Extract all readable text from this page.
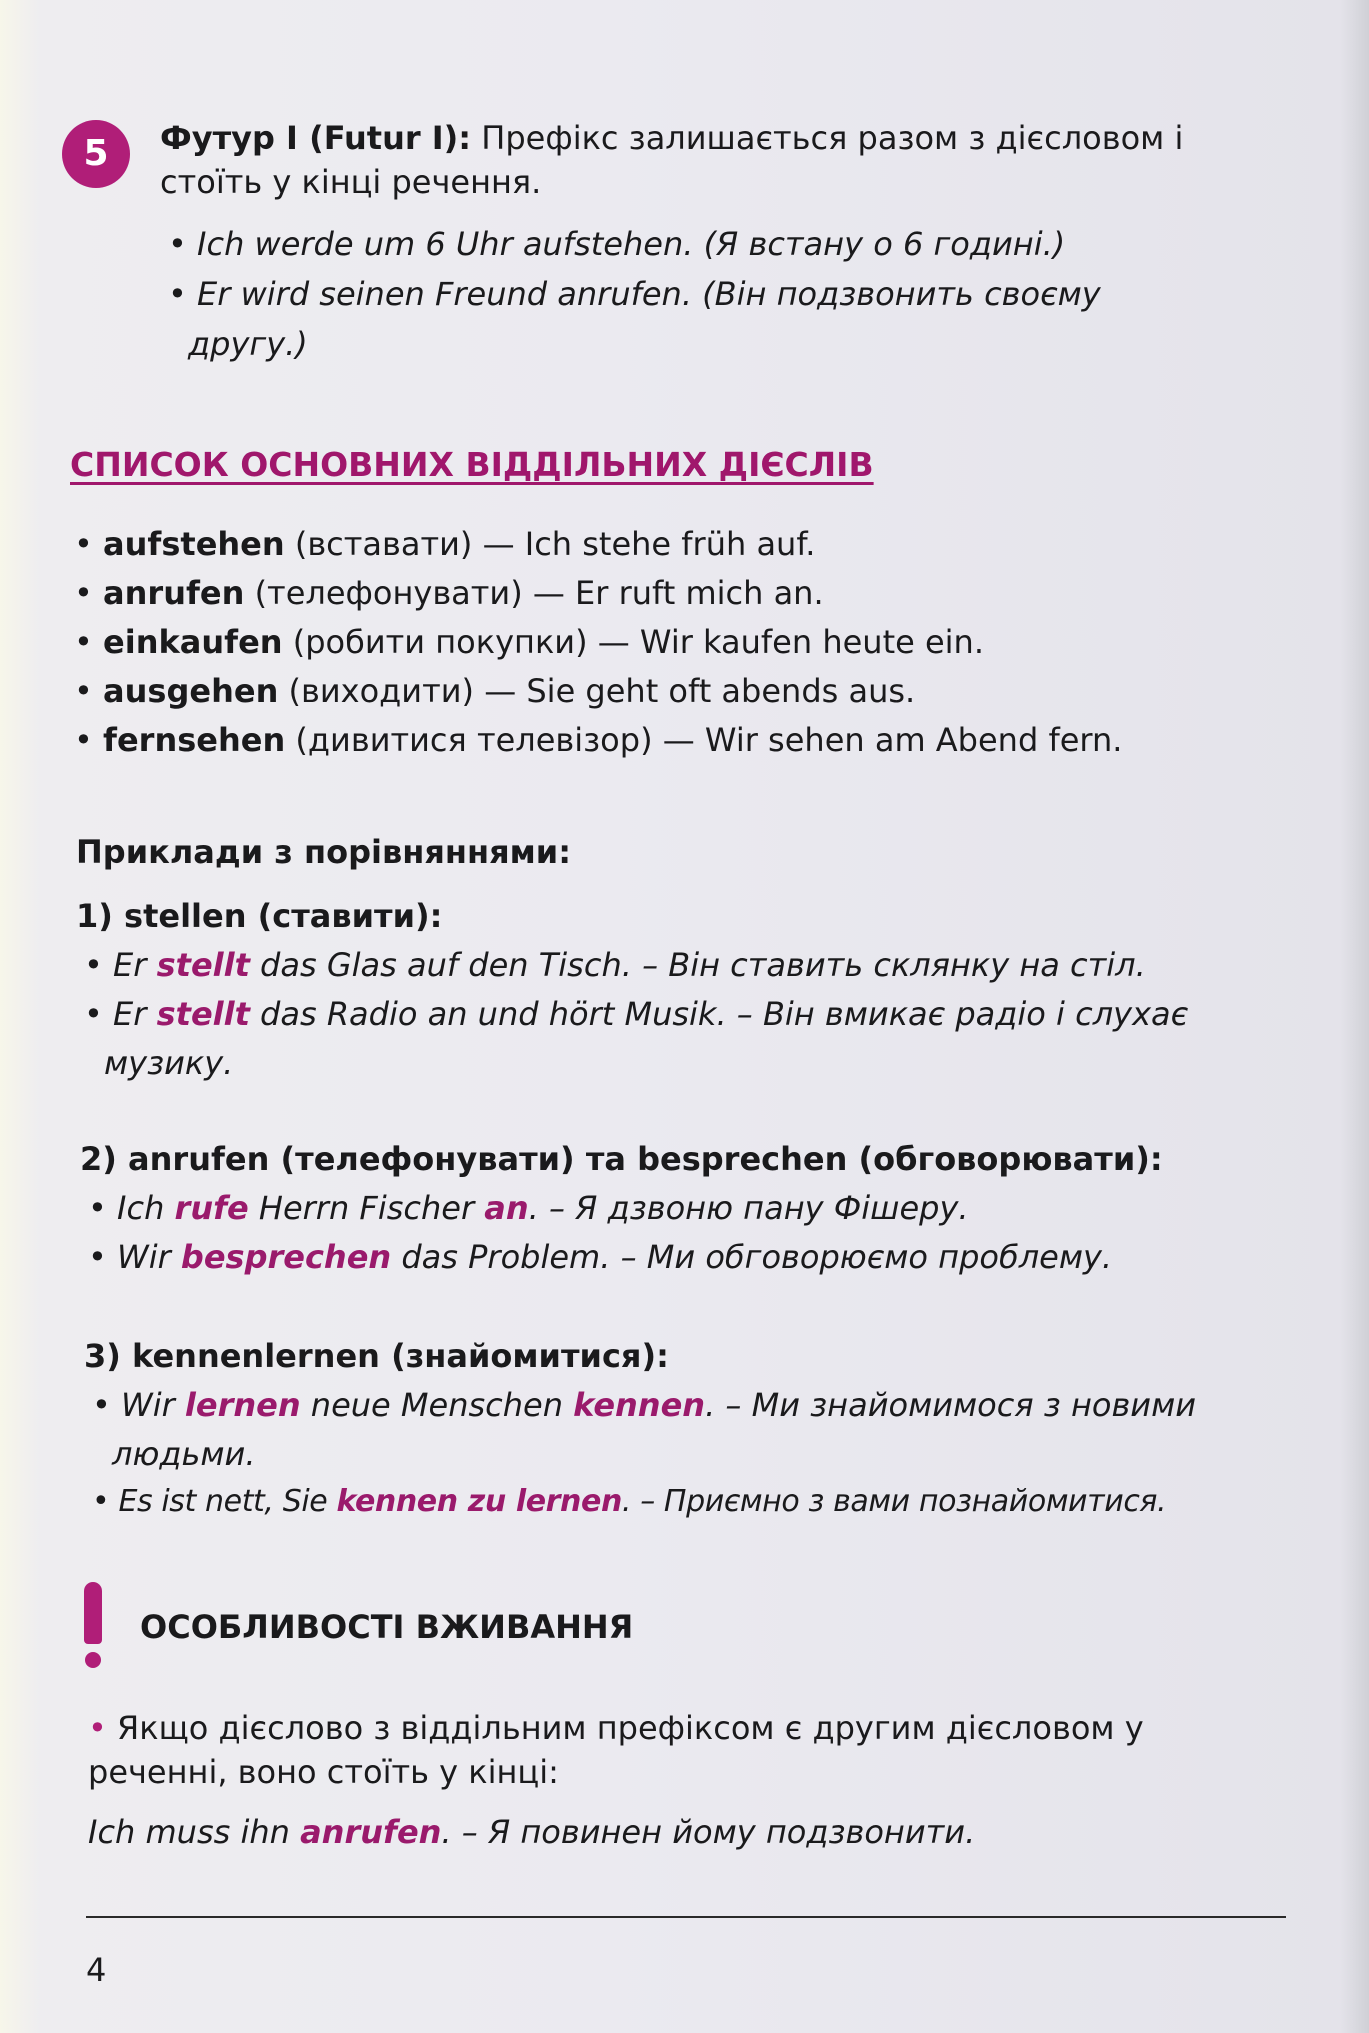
5	Футур I (Futur I): Префікс залишається разом з дієсловом і
стоїть у кінці речення.
• Ich werde um 6 Uhr aufstehen. (Я встану о 6 годині.)
• Er wird seinen Freund anrufen. (Він подзвонить своєму
другу.)
СПИСОК ОСНОВНИХ ВІДДІЛЬНИХ ДІЄСЛІВ
• aufstehen (вставати) — Ich stehe früh auf.
• anrufen (телефонувати) — Er ruft mich an.
• einkaufen (робити покупки) — Wir kaufen heute ein.
• ausgehen (виходити) — Sie geht oft abends aus.
• fernsehen (дивитися телевізор) — Wir sehen am Abend fern.
Приклади з порівняннями:
1) stellen (ставити):
• Er stellt das Glas auf den Tisch. – Він ставить склянку на стіл.
• Er stellt das Radio an und hört Musik. – Він вмикає радіо і слухає
музику.
2) anrufen (телефонувати) та besprechen (обговорювати):
• Ich rufe Herrn Fischer an. – Я дзвоню пану Фішеру.
• Wir besprechen das Problem. – Ми обговорюємо проблему.
3) kennenlernen (знайомитися):
• Wir lernen neue Menschen kennen. – Ми знайомимося з новими
людьми.
• Es ist nett, Sie kennen zu lernen. – Приємно з вами познайомитися.
ОСОБЛИВОСТІ ВЖИВАННЯ
• Якщо дієслово з віддільним префіксом є другим дієсловом у
реченні, воно стоїть у кінці:
Ich muss ihn anrufen. – Я повинен йому подзвонити.
4
